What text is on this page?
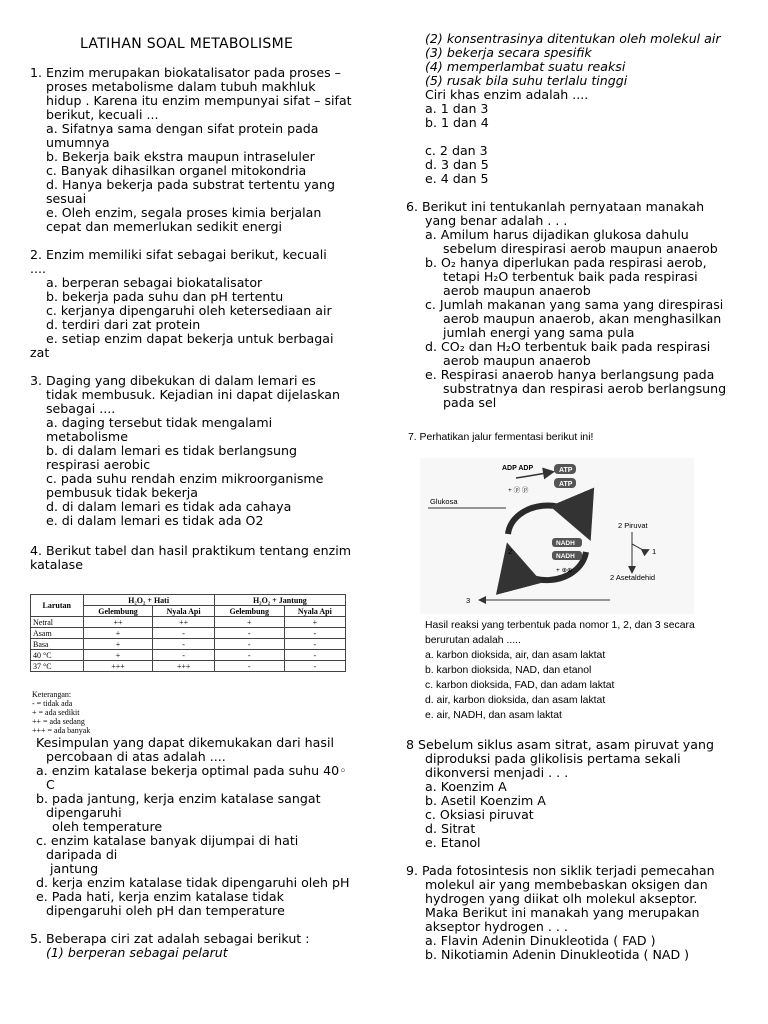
LATIHAN SOAL METABOLISME
1. Enzim merupakan biokatalisator pada proses –
proses metabolisme dalam tubuh makhluk
hidup . Karena itu enzim mempunyai sifat – sifat
berikut, kecuali ...
a. Sifatnya sama dengan sifat protein pada
umumnya
b. Bekerja baik ekstra maupun intraseluler
c. Banyak dihasilkan organel mitokondria
d. Hanya bekerja pada substrat tertentu yang
sesuai
e. Oleh enzim, segala proses kimia berjalan
cepat dan memerlukan sedikit energi
2. Enzim memiliki sifat sebagai berikut, kecuali
....
a. berperan sebagai biokatalisator
b. bekerja pada suhu dan pH tertentu
c. kerjanya dipengaruhi oleh ketersediaan air
d. terdiri dari zat protein
e. setiap enzim dapat bekerja untuk berbagai
zat
3. Daging yang dibekukan di dalam lemari es
tidak membusuk. Kejadian ini dapat dijelaskan
sebagai ....
a. daging tersebut tidak mengalami
metabolisme
b. di dalam lemari es tidak berlangsung
respirasi aerobic
c. pada suhu rendah enzim mikroorganisme
pembusuk tidak bekerja
d. di dalam lemari es tidak ada cahaya
e. di dalam lemari es tidak ada O2
4. Berikut tabel dan hasil praktikum tentang enzim
katalase
Kesimpulan yang dapat dikemukakan dari hasil
percobaan di atas adalah ....
a. enzim katalase bekerja optimal pada suhu 40◦
C
b. pada jantung, kerja enzim katalase sangat
dipengaruhi
oleh temperature
c. enzim katalase banyak dijumpai di hati
daripada di
jantung
d. kerja enzim katalase tidak dipengaruhi oleh pH
e. Pada hati, kerja enzim katalase tidak
dipengaruhi oleh pH dan temperature
5. Beberapa ciri zat adalah sebagai berikut :
(1) berperan sebagai pelarut
(2) konsentrasinya ditentukan oleh molekul air
(3) bekerja secara spesifik
(4) memperlambat suatu reaksi
(5) rusak bila suhu terlalu tinggi
Ciri khas enzim adalah ....
a. 1 dan 3
b. 1 dan 4
c. 2 dan 3
d. 3 dan 5
e. 4 dan 5
6. Berikut ini tentukanlah pernyataan manakah
yang benar adalah . . .
a. Amilum harus dijadikan glukosa dahulu
sebelum direspirasi aerob maupun anaerob
b. O₂ hanya diperlukan pada respirasi aerob,
tetapi H₂O terbentuk baik pada respirasi
aerob maupun anaerob
c. Jumlah makanan yang sama yang direspirasi
aerob maupun anaerob, akan menghasilkan
jumlah energi yang sama pula
d. CO₂ dan H₂O terbentuk baik pada respirasi
aerob maupun anaerob
e. Respirasi anaerob hanya berlangsung pada
substratnya dan respirasi aerob berlangsung
pada sel
8 Sebelum siklus asam sitrat, asam piruvat yang
diproduksi pada glikolisis pertama sekali
dikonversi menjadi . . .
a. Koenzim A
b. Asetil Koenzim A
c. Oksiasi piruvat
d. Sitrat
e. Etanol
9. Pada fotosintesis non siklik terjadi pemecahan
molekul air yang membebaskan oksigen dan
hydrogen yang diikat olh molekul akseptor.
Maka Berikut ini manakah yang merupakan
akseptor hydrogen . . .
a. Flavin Adenin Dinukleotida ( FAD )
b. Nikotiamin Adenin Dinukleotida ( NAD )
7. Perhatikan jalur fermentasi berikut ini!
Hasil reaksi yang terbentuk pada nomor 1, 2, dan 3 secara
berurutan adalah .....
a. karbon dioksida, air, dan asam laktat
b. karbon dioksida, NAD, dan etanol
c. karbon dioksida, FAD, dan adam laktat
d. air, karbon dioksida, dan asam laktat
e. air, NADH, dan asam laktat
Larutan	H₂O₂ + Hati		H₂O₂ + Jantung	
	Gelembung	Nyala Api	Gelembung	Nyala Api
Netral	++	++	+	+
Asam	+	-	-	-
Basa	+	-	-	-
40 °C	+	-	-	-
37 °C	+++	+++	-	-
Keterangan:
- = tidak ada
+ = ada sedikit
++ = ada sedang
+++ = ada banyak
ADP ADP
+ ⓟ ⓟ
ATP
ATP
Glukosa
2 Piruvat
1
2 Asetaldehid
NADH
NADH
+ ⊕⊕
2
3
